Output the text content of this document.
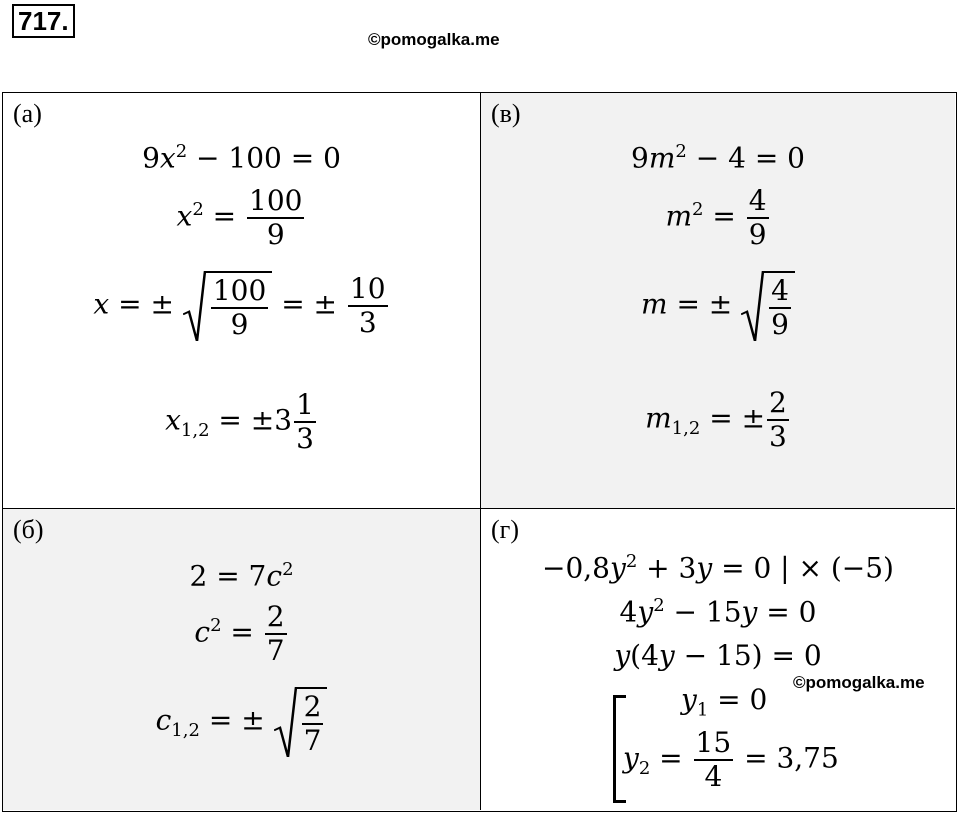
717.
©pomogalka.me
(а)
$9x^2 - 100 = 0$
$x^2 = \frac{100}{9}$
x = ± $\frac{100}{9}$ = ± $\frac{10}{3}$
$x_{1,2} = \pm 3 \frac{1}{3}$
(в)
$9m^2 - 4 = 0$
$m^2 = \frac{4}{9}$
m = ± $\frac{4}{9}$
$m_{1,2}$ = ± $\frac{2}{3}$
(б)
$2 = 7c^2$
$c^2 = \frac{2}{7}$
$c_{1,2}$ = ± $\frac{2}{7}$
(г)
$-0,8y^2 + 3y = 0$ | × (−5)
$4y^2 - 15y = 0$
y(4y − 15) = 0
©pomogalka.me
$y_1 = 0$
$y_2 = \frac{15}{4} = 3,75$
